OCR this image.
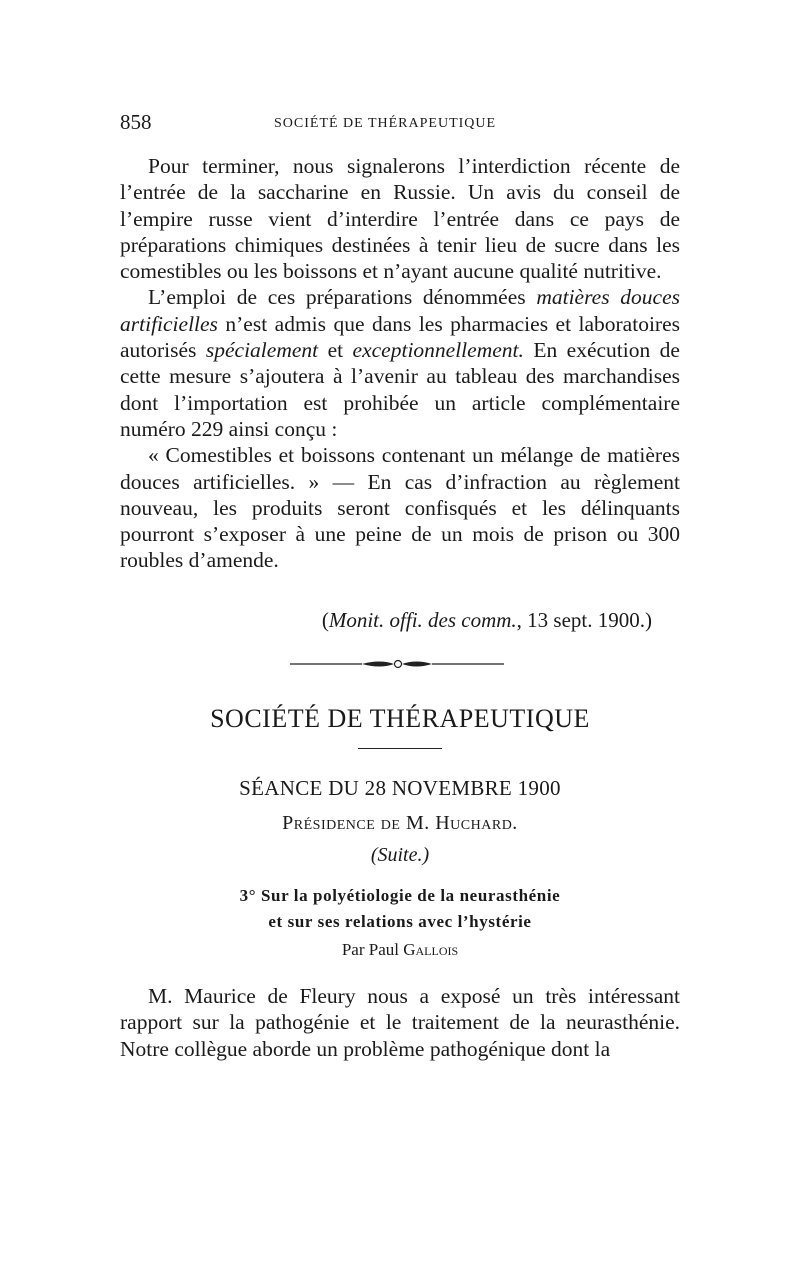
858	SOCIÉTÉ DE THÉRAPEUTIQUE

Pour terminer, nous signalerons l’interdiction récente de l’entrée de la saccharine en Russie. Un avis du conseil de l’empire russe vient d’interdire l’entrée dans ce pays de préparations chimiques destinées à tenir lieu de sucre dans les comestibles ou les boissons et n’ayant aucune qualité nutritive.

L’emploi de ces préparations dénommées matières douces artificielles n’est admis que dans les pharmacies et laboratoires autorisés spécialement et exceptionnellement. En exécution de cette mesure s’ajoutera à l’avenir au tableau des marchandises dont l’importation est prohibée un article complémentaire numéro 229 ainsi conçu :

« Comestibles et boissons contenant un mélange de matières douces artificielles. » — En cas d’infraction au règlement nouveau, les produits seront confisqués et les délinquants pourront s’exposer à une peine de un mois de prison ou 300 roubles d’amende.

(Monit. offi. des comm., 13 sept. 1900.)
SOCIÉTÉ DE THÉRAPEUTIQUE
SÉANCE DU 28 NOVEMBRE 1900
Présidence de M. Huchard.
(Suite.)
3° Sur la polyétiologie de la neurasthénie
et sur ses relations avec l’hystérie
Par Paul Gallois

M. Maurice de Fleury nous a exposé un très intéressant rapport sur la pathogénie et le traitement de la neurasthénie. Notre collègue aborde un problème pathogénique dont la
